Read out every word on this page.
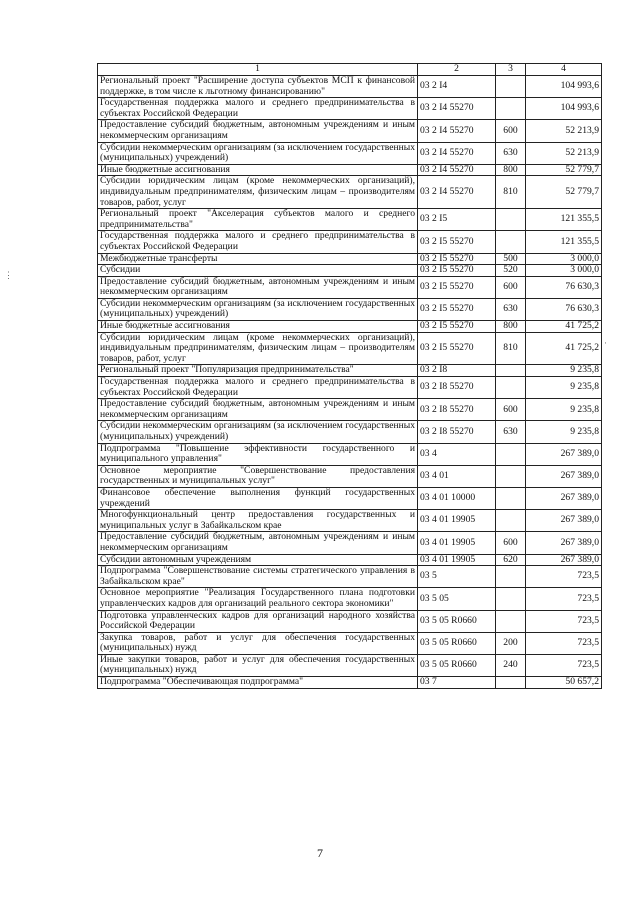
1	2	3	4
Региональный проект "Расширение доступа субъектов МСП к финансовой поддержке, в том числе к льготному финансированию"	03 2 I4		104 993,6
Государственная поддержка малого и среднего предпринимательства в субъектах Российской Федерации	03 2 I4 55270		104 993,6
Предоставление субсидий бюджетным, автономным учреждениям и иным некоммерческим организациям	03 2 I4 55270	600	52 213,9
Субсидии некоммерческим организациям (за исключением государственных (муниципальных) учреждений)	03 2 I4 55270	630	52 213,9
Иные бюджетные ассигнования	03 2 I4 55270	800	52 779,7
Субсидии юридическим лицам (кроме некоммерческих организаций), индивидуальным предпринимателям, физическим лицам – производителям товаров, работ, услуг	03 2 I4 55270	810	52 779,7
Региональный проект "Акселерация субъектов малого и среднего предпринимательства"	03 2 I5		121 355,5
Государственная поддержка малого и среднего предпринимательства в субъектах Российской Федерации	03 2 I5 55270		121 355,5
Межбюджетные трансферты	03 2 I5 55270	500	3 000,0
Субсидии	03 2 I5 55270	520	3 000,0
Предоставление субсидий бюджетным, автономным учреждениям и иным некоммерческим организациям	03 2 I5 55270	600	76 630,3
Субсидии некоммерческим организациям (за исключением государственных (муниципальных) учреждений)	03 2 I5 55270	630	76 630,3
Иные бюджетные ассигнования	03 2 I5 55270	800	41 725,2
Субсидии юридическим лицам (кроме некоммерческих организаций), индивидуальным предпринимателям, физическим лицам – производителям товаров, работ, услуг	03 2 I5 55270	810	41 725,2
Региональный проект "Популяризация предпринимательства"	03 2 I8		9 235,8
Государственная поддержка малого и среднего предпринимательства в субъектах Российской Федерации	03 2 I8 55270		9 235,8
Предоставление субсидий бюджетным, автономным учреждениям и иным некоммерческим организациям	03 2 I8 55270	600	9 235,8
Субсидии некоммерческим организациям (за исключением государственных (муниципальных) учреждений)	03 2 I8 55270	630	9 235,8
Подпрограмма "Повышение эффективности государственного и муниципального управления"	03 4		267 389,0
Основное мероприятие "Совершенствование предоставления государственных и муниципальных услуг"	03 4 01		267 389,0
Финансовое обеспечение выполнения функций государственных учреждений	03 4 01 10000		267 389,0
Многофункциональный центр предоставления государственных и муниципальных услуг в Забайкальском крае	03 4 01 19905		267 389,0
Предоставление субсидий бюджетным, автономным учреждениям и иным некоммерческим организациям	03 4 01 19905	600	267 389,0
Субсидии автономным учреждениям	03 4 01 19905	620	267 389,0
Подпрограмма "Совершенствование системы стратегического управления в Забайкальском крае"	03 5		723,5
Основное мероприятие "Реализация Государственного плана подготовки управленческих кадров для организаций реального сектора экономики"	03 5 05		723,5
Подготовка управленческих кадров для организаций народного хозяйства Российской Федерации	03 5 05 R0660		723,5
Закупка товаров, работ и услуг для обеспечения государственных (муниципальных) нужд	03 5 05 R0660	200	723,5
Иные закупки товаров, работ и услуг для обеспечения государственных (муниципальных) нужд	03 5 05 R0660	240	723,5
Подпрограмма "Обеспечивающая подпрограмма"	03 7		50 657,2
7
⋮
·
